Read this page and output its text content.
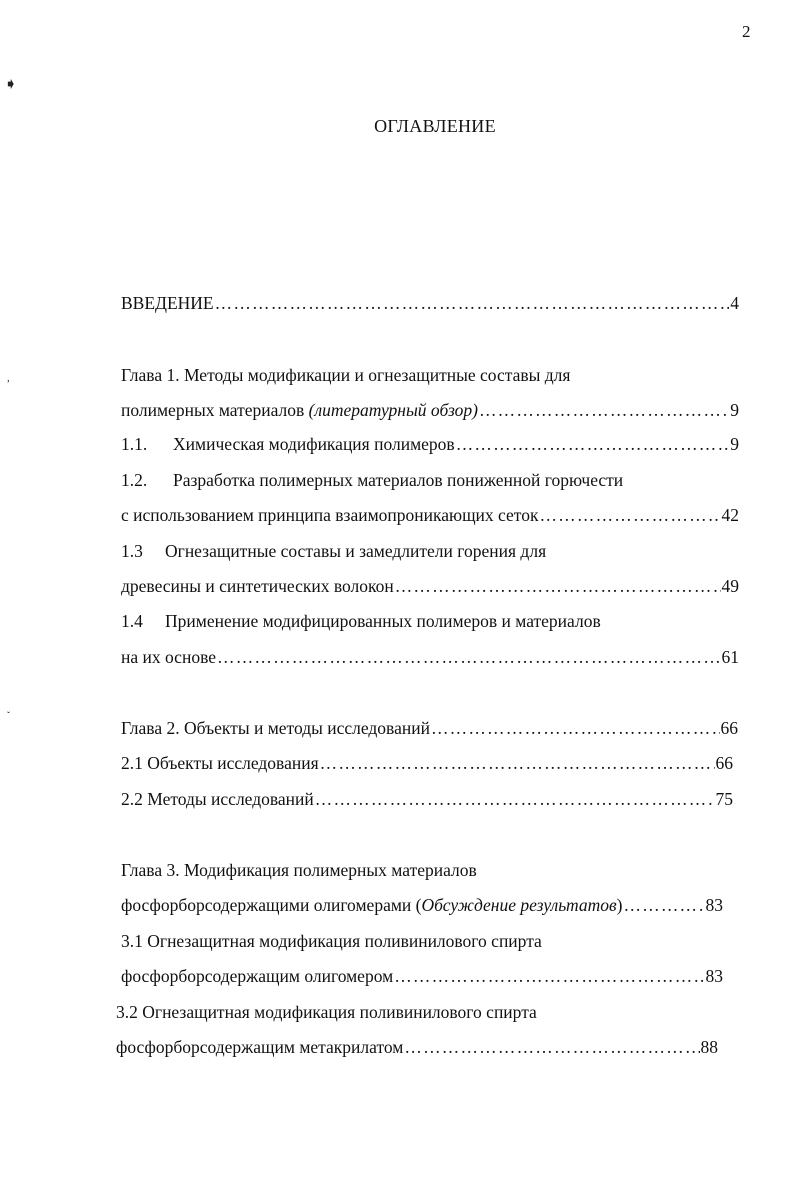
➧
,
ˇ
2
ОГЛАВЛЕНИЕ
ВВЕДЕНИЕ ……………………………………………………………………………………………………………………………………	4
Глава 1. Методы модификации и огнезащитные составы для
полимерных материалов (литературный обзор) ……………………………………………………………………………………………………………………………………	9
1.1. Химическая модификация полимеров ……………………………………………………………………………………………………………………………………	9
1.2. Разработка полимерных материалов пониженной горючести
с использованием принципа взаимопроникающих сеток ……………………………………………………………………………………………………………………………………	42
1.3 Огнезащитные составы и замедлители горения для
древесины и синтетических волокон ……………………………………………………………………………………………………………………………………	49
1.4 Применение модифицированных полимеров и материалов
на их основе ……………………………………………………………………………………………………………………………………	61
Глава 2. Объекты и методы исследований ……………………………………………………………………………………………………………………………………	66
2.1 Объекты исследования ……………………………………………………………………………………………………………………………………	66
2.2 Методы исследований ……………………………………………………………………………………………………………………………………	75
Глава 3. Модификация полимерных материалов
фосфорборсодержащими олигомерами (Обсуждение результатов) ……………………………………………………………………………………………………………………………………	83
3.1 Огнезащитная модификация поливинилового спирта
фосфорборсодержащим олигомером ……………………………………………………………………………………………………………………………………	83
3.2 Огнезащитная модификация поливинилового спирта
фосфорборсодержащим метакрилатом ……………………………………………………………………………………………………………………………………	88
